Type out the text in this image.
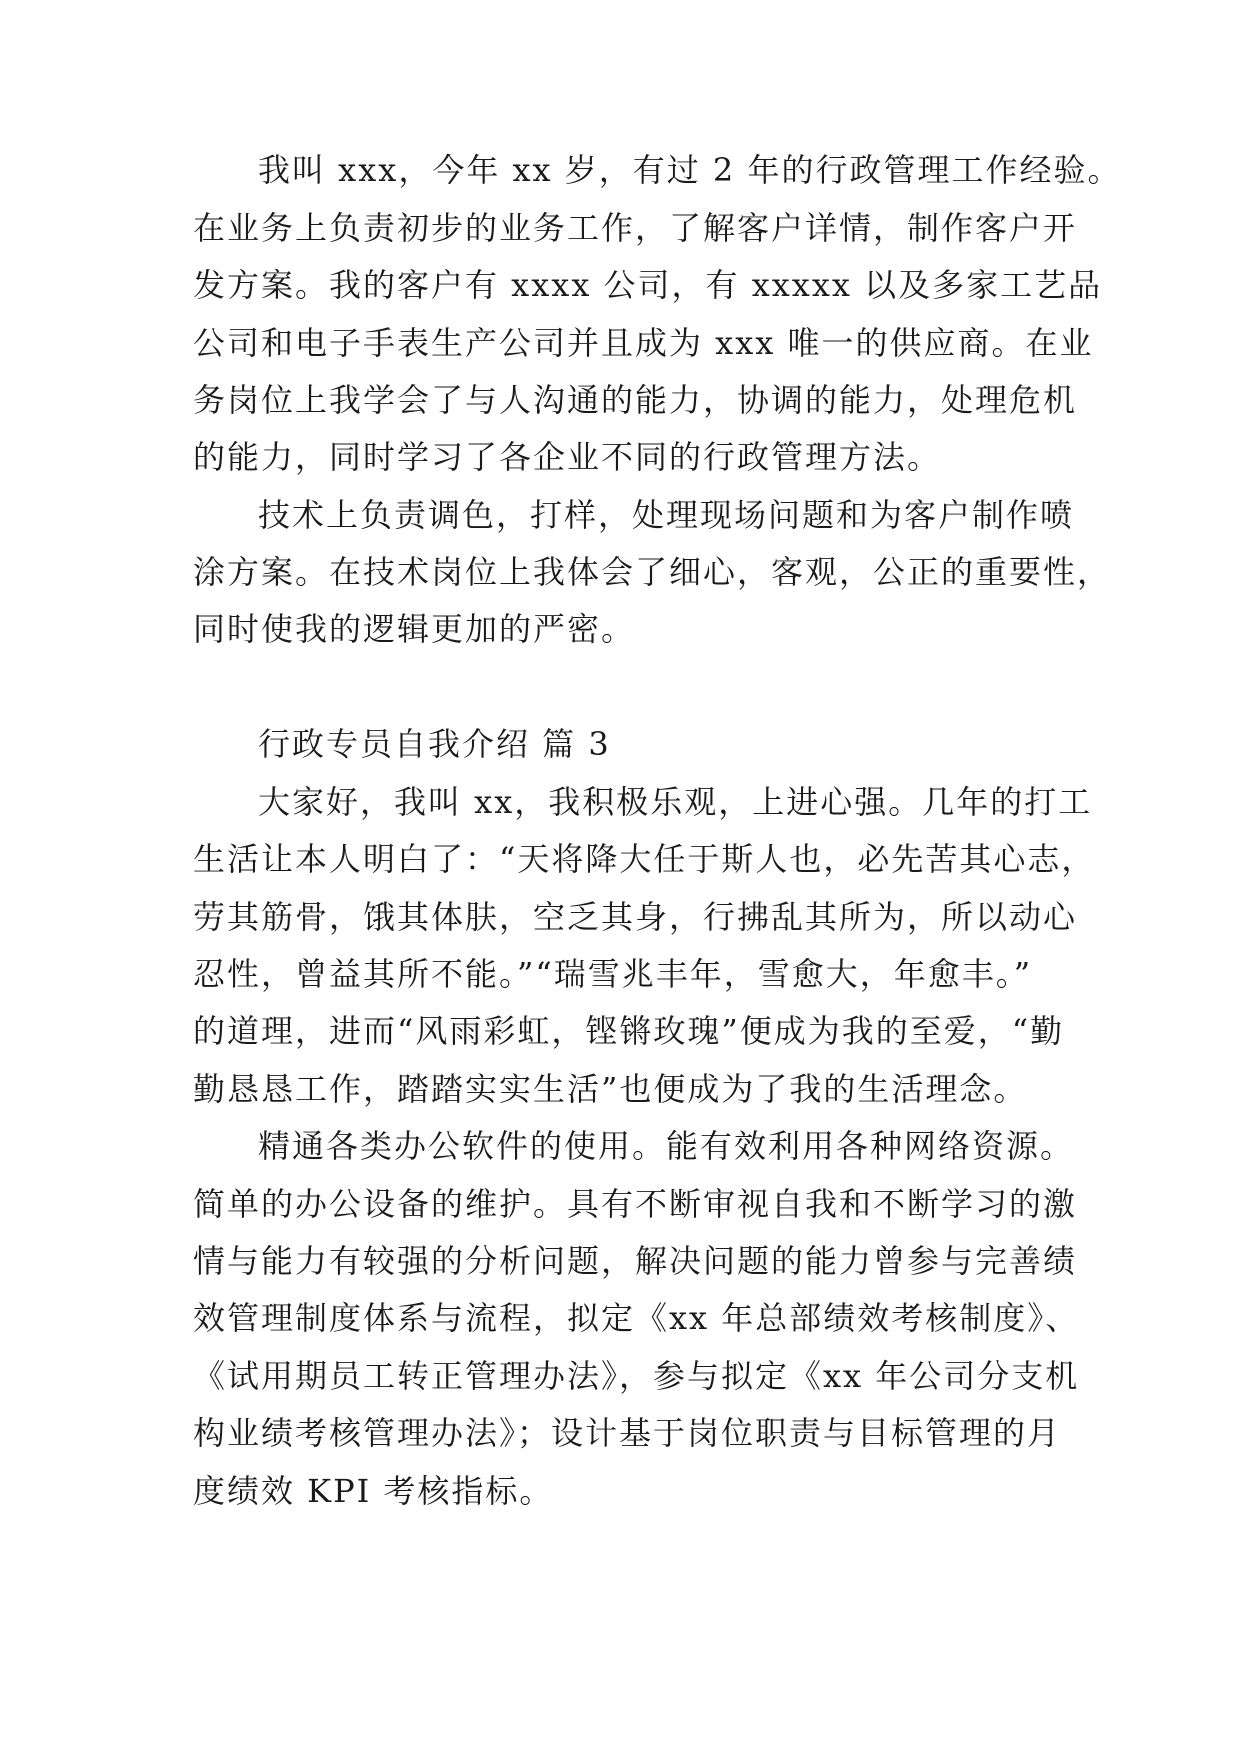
我叫 xxx，今年 xx 岁，有过 2 年的行政管理工作经验。

在业务上负责初步的业务工作，了解客户详情，制作客户开

发方案。我的客户有 xxxx 公司，有 xxxxx 以及多家工艺品

公司和电子手表生产公司并且成为 xxx 唯一的供应商。在业

务岗位上我学会了与人沟通的能力，协调的能力，处理危机

的能力，同时学习了各企业不同的行政管理方法。

技术上负责调色，打样，处理现场问题和为客户制作喷

涂方案。在技术岗位上我体会了细心，客观，公正的重要性，

同时使我的逻辑更加的严密。

行政专员自我介绍 篇 3

大家好，我叫 xx，我积极乐观，上进心强。几年的打工

生活让本人明白了：“天将降大任于斯人也，必先苦其心志，

劳其筋骨，饿其体肤，空乏其身，行拂乱其所为，所以动心

忍性，曾益其所不能。”“瑞雪兆丰年，雪愈大，年愈丰。”

的道理，进而“风雨彩虹，铿锵玫瑰”便成为我的至爱，“勤

勤恳恳工作，踏踏实实生活”也便成为了我的生活理念。

精通各类办公软件的使用。能有效利用各种网络资源。

简单的办公设备的维护。具有不断审视自我和不断学习的激

情与能力有较强的分析问题，解决问题的能力曾参与完善绩

效管理制度体系与流程，拟定《xx 年总部绩效考核制度》、

《试用期员工转正管理办法》，参与拟定《xx 年公司分支机

构业绩考核管理办法》；设计基于岗位职责与目标管理的月

度绩效 KPI 考核指标。
